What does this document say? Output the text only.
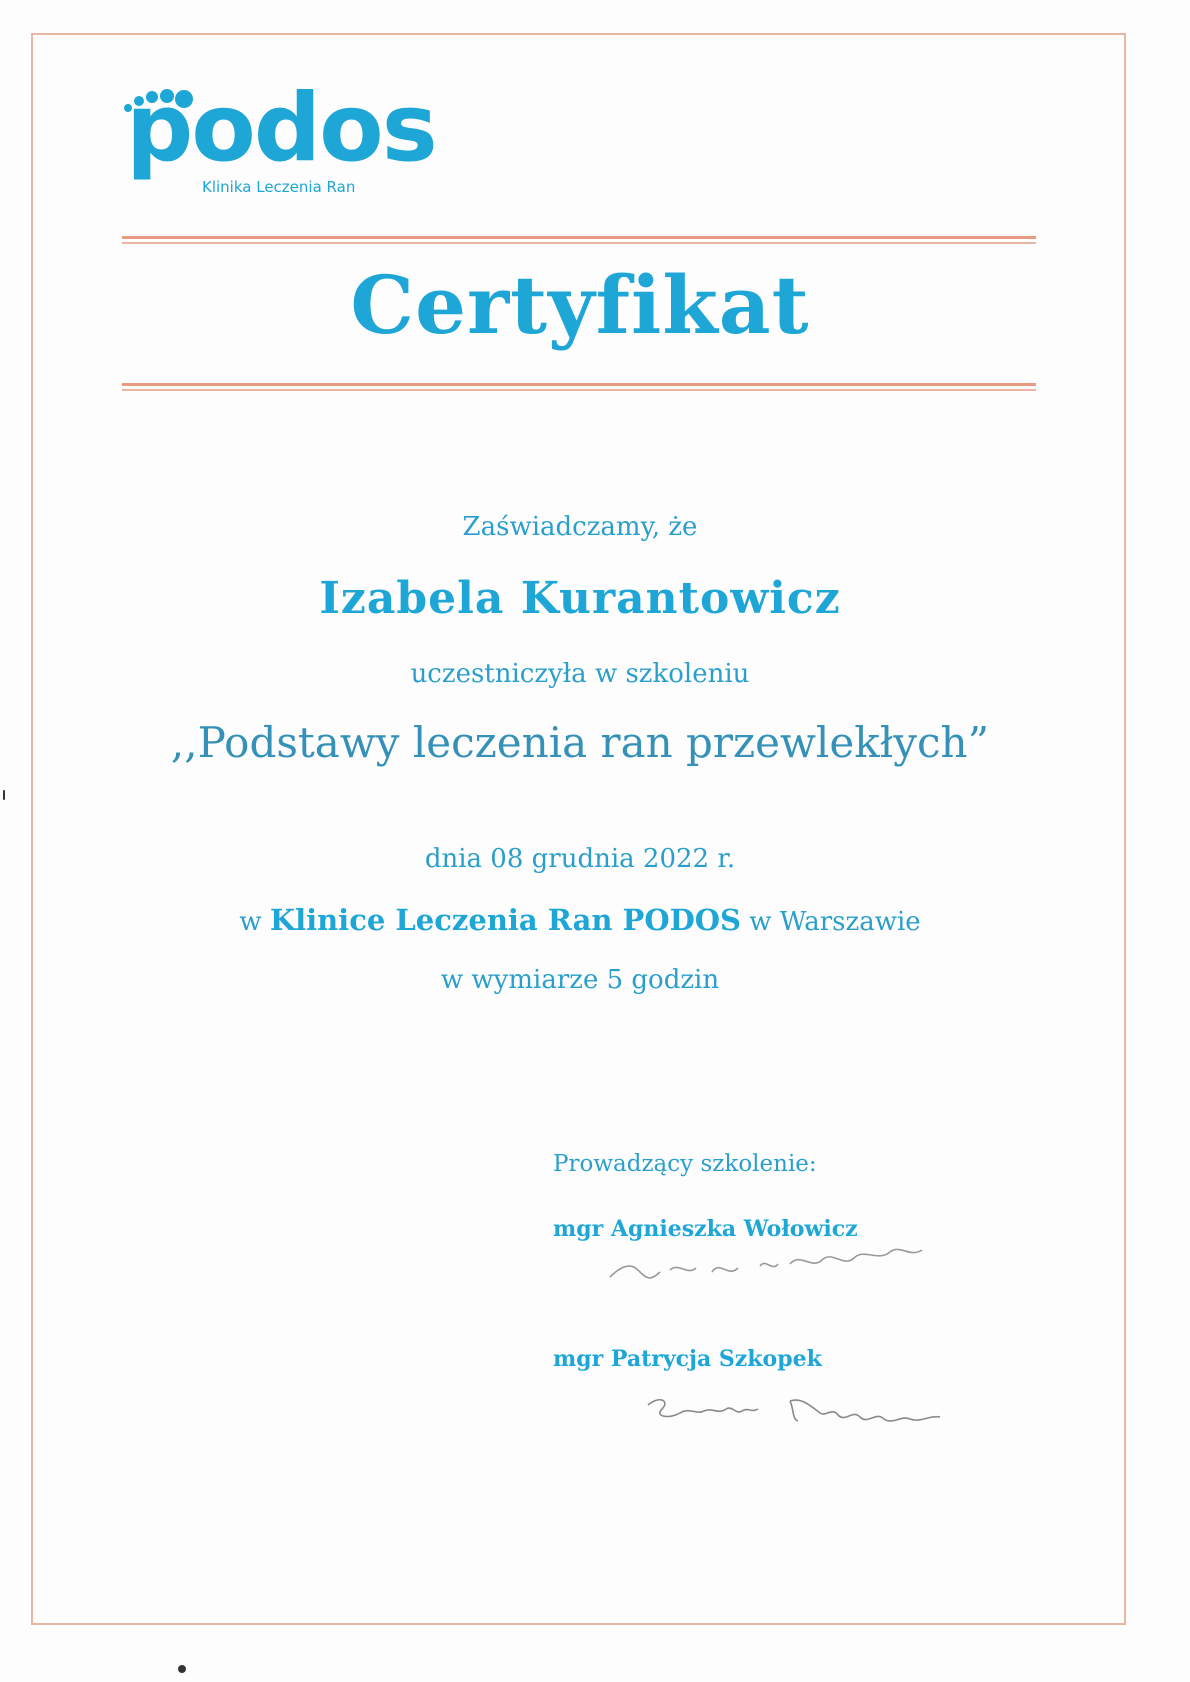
podos
Klinika Leczenia Ran
Certyfikat
Zaświadczamy, że
Izabela Kurantowicz
uczestniczyła w szkoleniu
,,Podstawy leczenia ran przewlekłych”
dnia 08 grudnia 2022 r.
w Klinice Leczenia Ran PODOS w Warszawie
w wymiarze 5 godzin
Prowadzący szkolenie:
mgr Agnieszka Wołowicz
mgr Patrycja Szkopek
